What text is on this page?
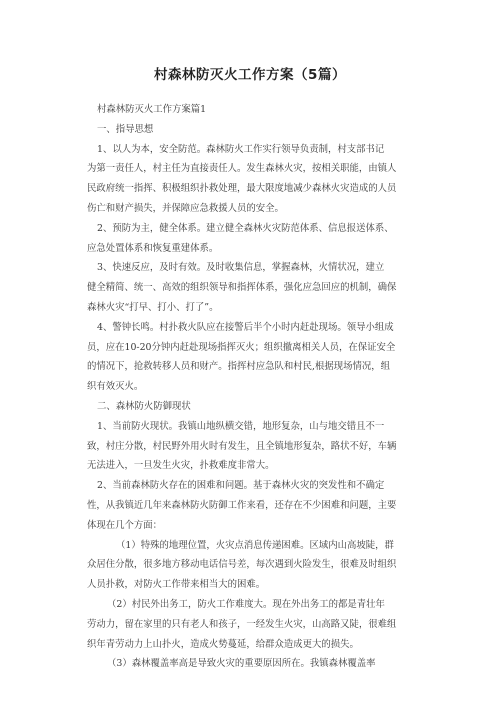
村森林防灭火工作方案（5篇）
村森林防灭火工作方案篇1
一、指导思想
1、以人为本，安全防范。森林防火工作实行领导负责制，村支部书记
为第一责任人，村主任为直接责任人。发生森林火灾，按相关职能，由镇人
民政府统一指挥、积极组织扑救处理，最大限度地减少森林火灾造成的人员
伤亡和财产损失，并保障应急救援人员的安全。
2、预防为主，健全体系。建立健全森林火灾防范体系、信息报送体系、
应急处置体系和恢复重建体系。
3、快速反应，及时有效。及时收集信息，掌握森林，火情状况，建立
健全精简、统一、高效的组织领导和指挥体系，强化应急回应的机制，确保
森林火灾“打早、打小、打了”。
4、警钟长鸣。村扑救火队应在接警后半个小时内赶赴现场。领导小组成
员，应在10-20分钟内赶赴现场指挥灭火；组织撤离相关人员，在保证安全
的情况下，抢救转移人员和财产。指挥村应急队和村民,根据现场情况，组
织有效灭火。
二、森林防火防御现状
1、当前防火现状。我镇山地纵横交错，地形复杂，山与地交错且不一
致，村庄分散，村民野外用火时有发生，且全镇地形复杂，路状不好，车辆
无法进入，一旦发生火灾，扑救难度非常大。
2、当前森林防火存在的困难和问题。基于森林火灾的突发性和不确定
性，从我镇近几年来森林防火防御工作来看，还存在不少困难和问题，主要
体现在几个方面：
（1）特殊的地理位置，火灾点消息传递困难。区域内山高坡陡，群
众居住分散，很多地方移动电话信号差，每次遇到火险发生，很难及时组织
人员扑救，对防火工作带来相当大的困难。
（2）村民外出务工，防火工作难度大。现在外出务工的都是青壮年
劳动力，留在家里的只有老人和孩子，一经发生火灾，山高路又陡，很难组
织年青劳动力上山扑火，造成火势蔓延，给群众造成更大的损失。
（3）森林覆盖率高是导致火灾的重要原因所在。我镇森林覆盖率
